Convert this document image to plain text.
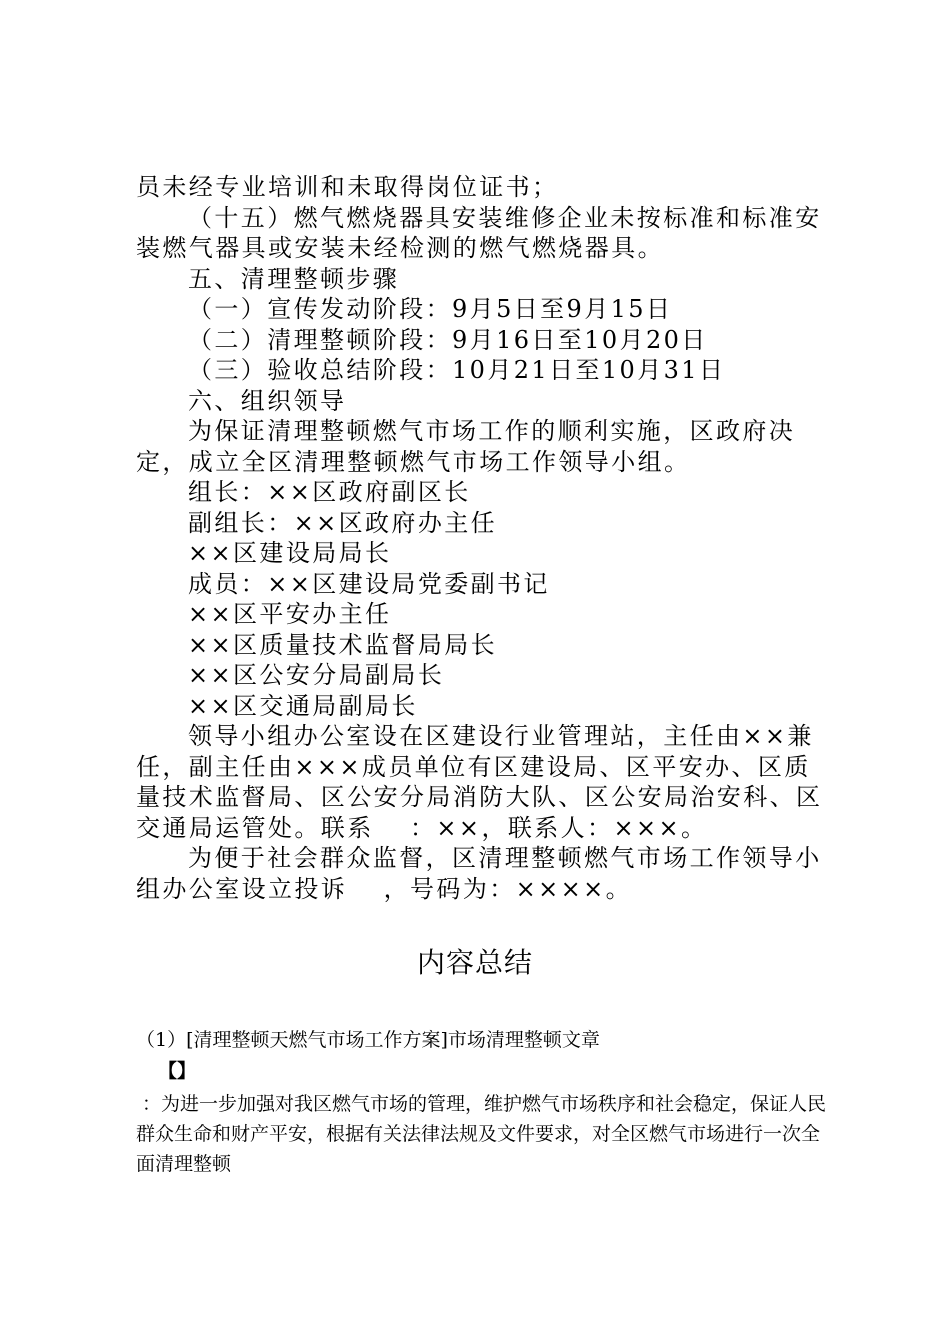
员未经专业培训和未取得岗位证书；

（十五）燃气燃烧器具安装维修企业未按标准和标准安装燃气器具或安装未经检测的燃气燃烧器具。

五、清理整顿步骤

（一）宣传发动阶段：9月5日至9月15日

（二）清理整顿阶段：9月16日至10月20日

（三）验收总结阶段：10月21日至10月31日

六、组织领导

为保证清理整顿燃气市场工作的顺利实施，区政府决定，成立全区清理整顿燃气市场工作领导小组。

组长：××区政府副区长

副组长：××区政府办主任

××区建设局局长

成员：××区建设局党委副书记

××区平安办主任

××区质量技术监督局局长

××区公安分局副局长

××区交通局副局长

领导小组办公室设在区建设行业管理站，主任由××兼任，副主任由×××成员单位有区建设局、区平安办、区质量技术监督局、区公安分局消防大队、区公安局治安科、区交通局运管处。联系　 ：××，联系人：×××。

为便于社会群众监督，区清理整顿燃气市场工作领导小组办公室设立投诉　 ，号码为：××××。

内容总结

（1）[清理整顿天燃气市场工作方案]市场清理整顿文章

【】

：为进一步加强对我区燃气市场的管理，维护燃气市场秩序和社会稳定，保证人民群众生命和财产平安，根据有关法律法规及文件要求，对全区燃气市场进行一次全面清理整顿
